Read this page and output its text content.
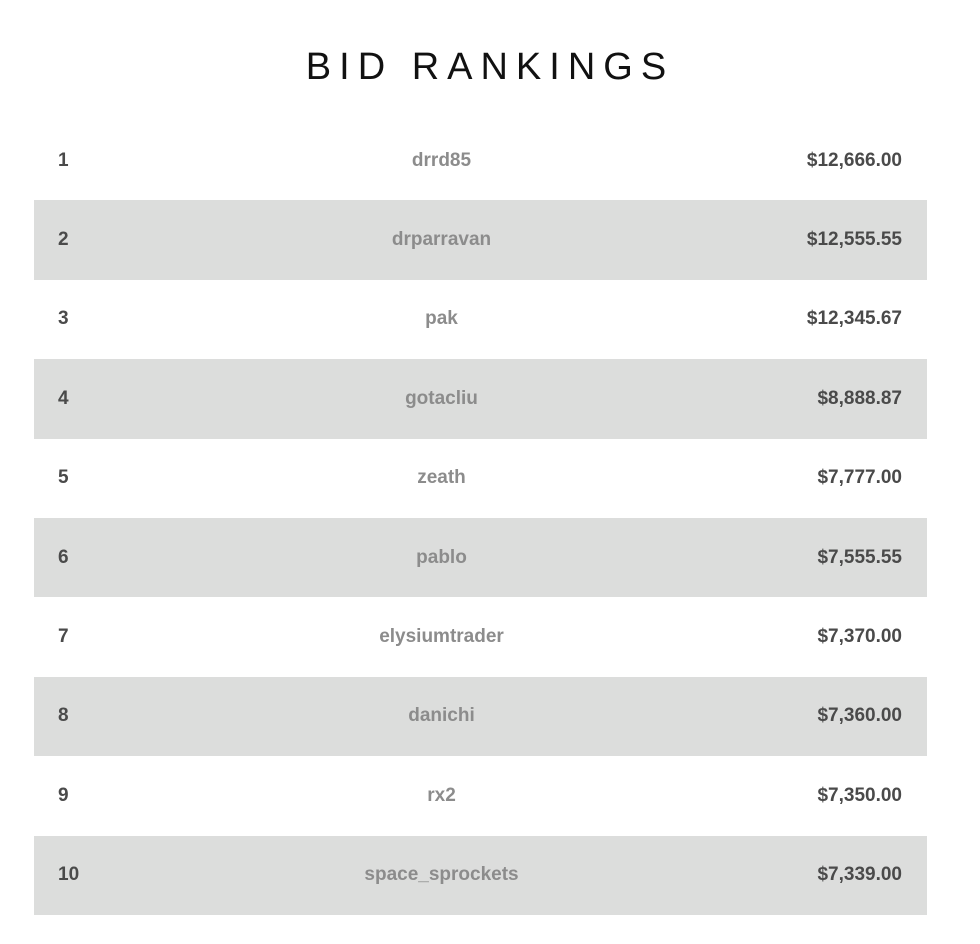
BID RANKINGS
1	drrd85	$12,666.00
2	drparravan	$12,555.55
3	pak	$12,345.67
4	gotacliu	$8,888.87
5	zeath	$7,777.00
6	pablo	$7,555.55
7	elysiumtrader	$7,370.00
8	danichi	$7,360.00
9	rx2	$7,350.00
10	space_sprockets	$7,339.00
